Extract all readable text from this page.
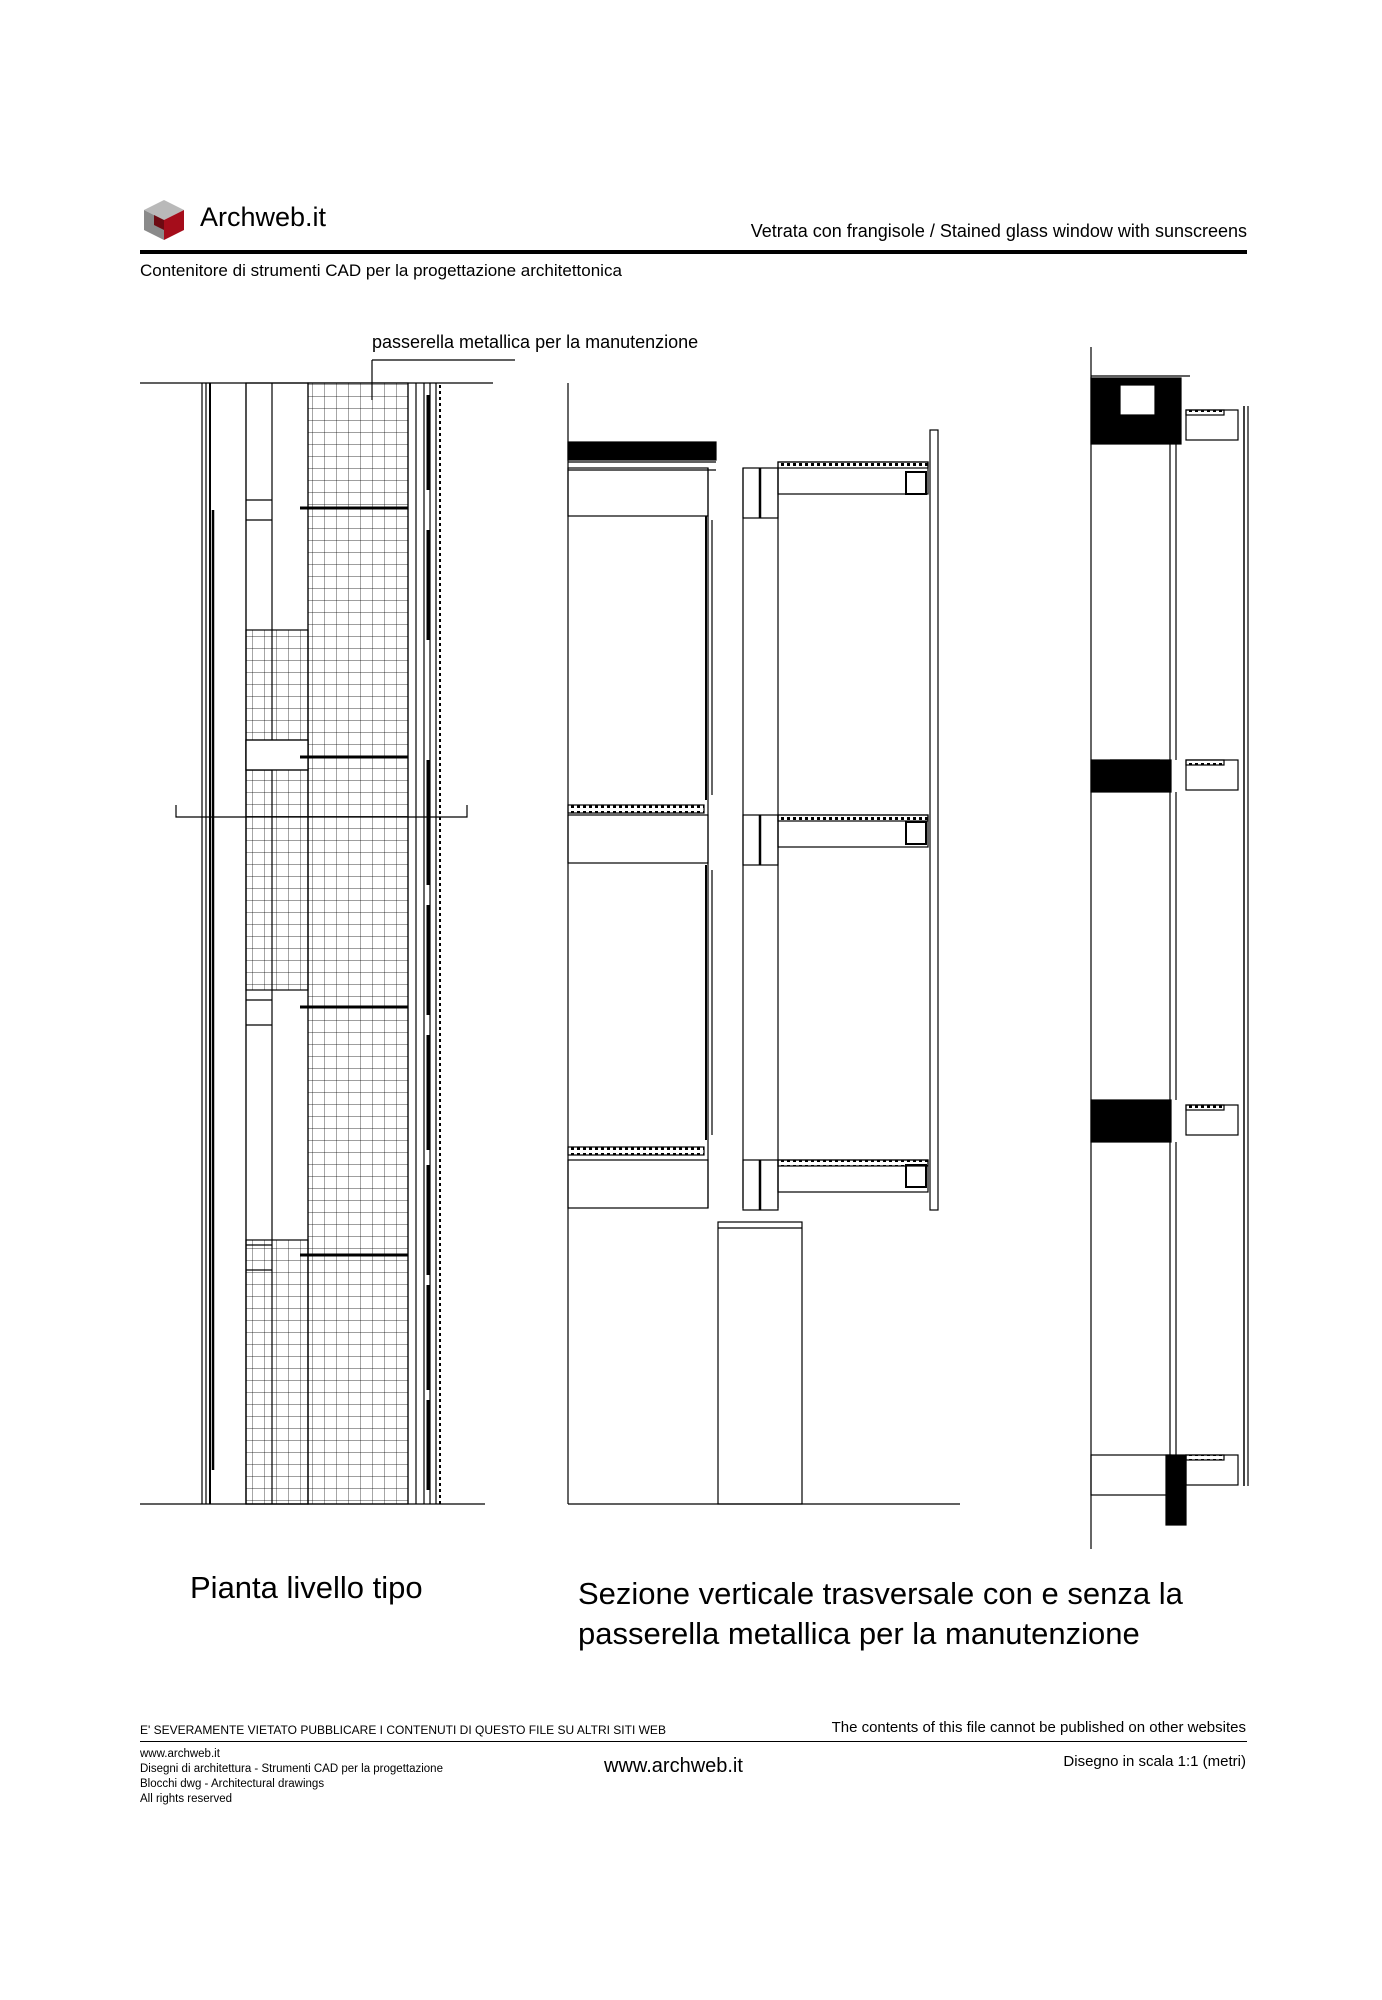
Archweb.it	Vetrata con frangisole / Stained glass window with sunscreens
Contenitore di strumenti CAD per la progettazione architettonica
passerella metallica per la manutenzione
Pianta livello tipo	Sezione verticale trasversale con e senza la
passerella metallica per la manutenzione
E' SEVERAMENTE VIETATO PUBBLICARE I CONTENUTI DI QUESTO FILE SU ALTRI SITI WEB	The contents of this file cannot be published on other websites
www.archweb.it
Disegni di architettura - Strumenti CAD per la progettazione
Blocchi dwg - Architectural drawings
All rights reserved
www.archweb.it	Disegno in scala 1:1 (metri)
